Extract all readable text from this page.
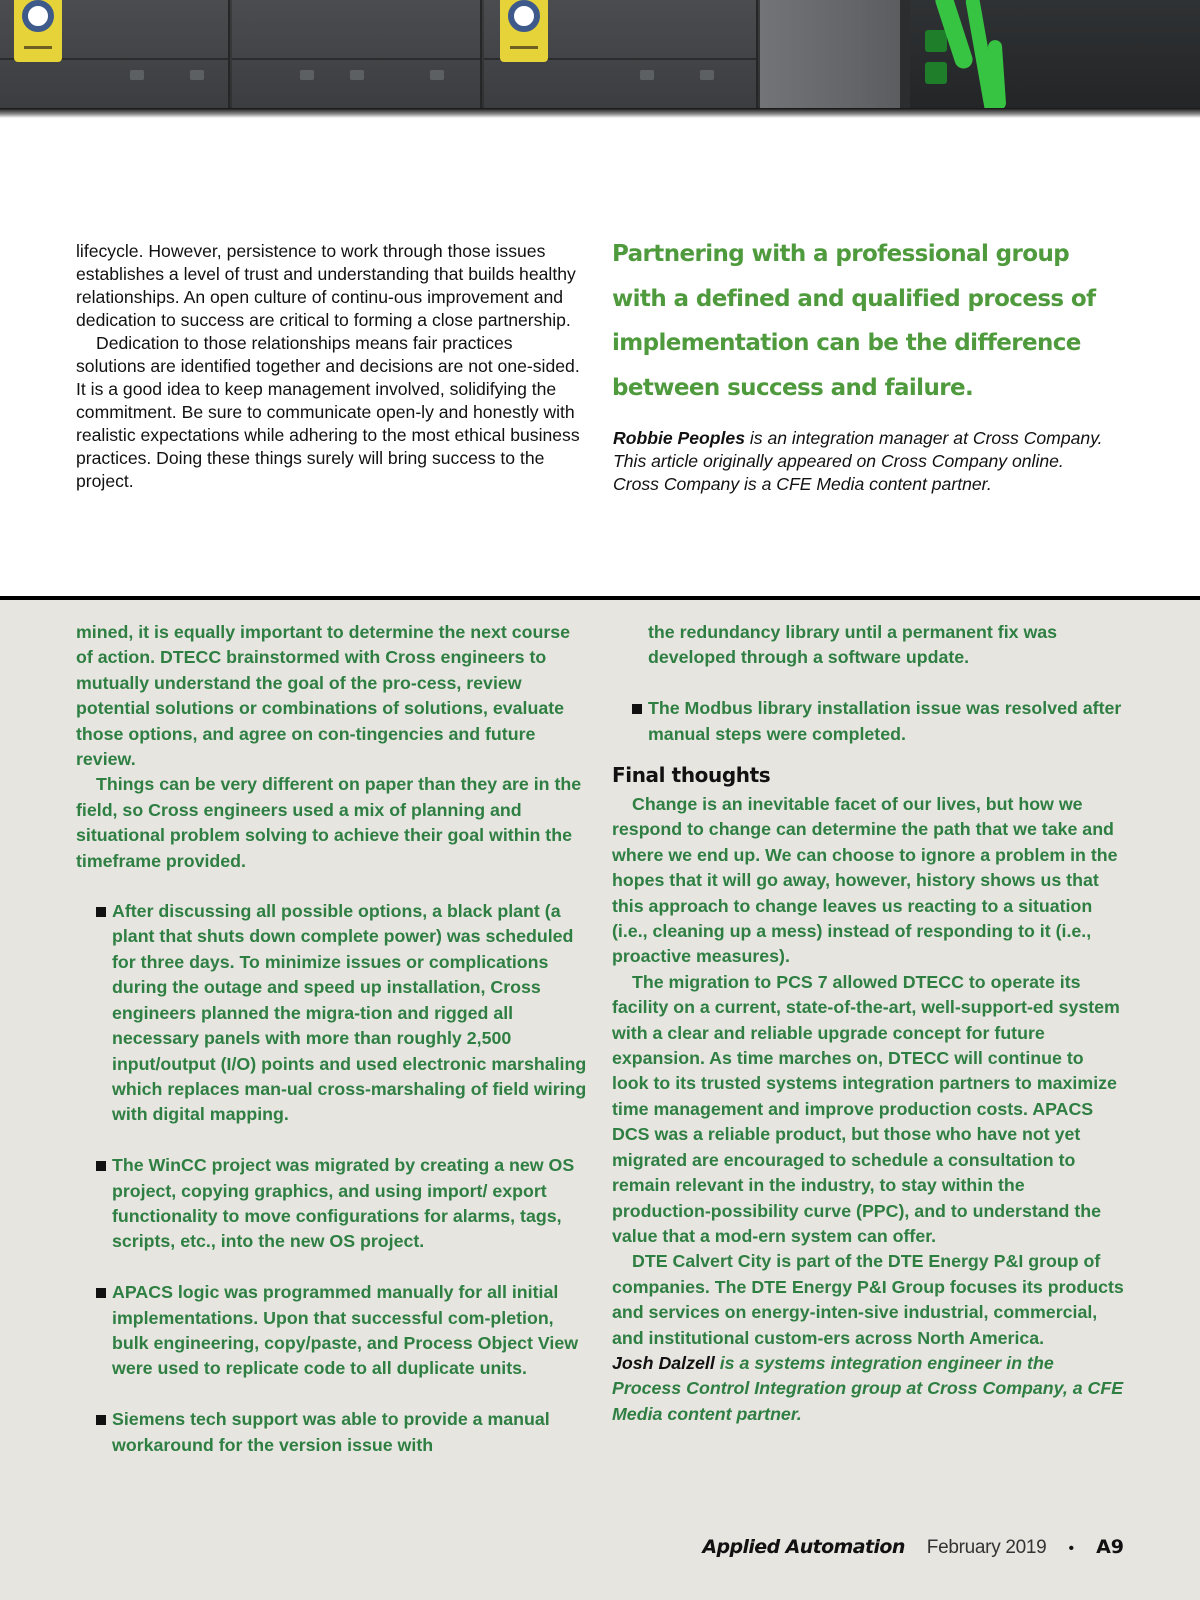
lifecycle. However, persistence to work through those issues establishes a level of trust and understanding that builds healthy relationships. An open culture of continu-ous improvement and dedication to success are critical to forming a close partnership.

Dedication to those relationships means fair practices solutions are identified together and decisions are not one-sided. It is a good idea to keep management involved, solidifying the commitment. Be sure to communicate open-ly and honestly with realistic expectations while adhering to the most ethical business practices. Doing these things surely will bring success to the project.

Partnering with a professional group with a defined and qualified process of implementation can be the difference between success and failure.
Robbie Peoples is an integration manager at Cross Company. This article originally appeared on Cross Company online. Cross Company is a CFE Media content partner.

mined, it is equally important to determine the next course of action. DTECC brainstormed with Cross engineers to mutually understand the goal of the pro-cess, review potential solutions or combinations of solutions, evaluate those options, and agree on con-tingencies and future review.

Things can be very different on paper than they are in the field, so Cross engineers used a mix of planning and situational problem solving to achieve their goal within the timeframe provided.

After discussing all possible options, a black plant (a plant that shuts down complete power) was scheduled for three days. To minimize issues or complications during the outage and speed up installation, Cross engineers planned the migra-tion and rigged all necessary panels with more than roughly 2,500 input/output (I/O) points and used electronic marshaling which replaces man-ual cross-marshaling of field wiring with digital mapping.
The WinCC project was migrated by creating a new OS project, copying graphics, and using import/ export functionality to move configurations for alarms, tags, scripts, etc., into the new OS project.
APACS logic was programmed manually for all initial implementations. Upon that successful com-pletion, bulk engineering, copy/paste, and Process Object View were used to replicate code to all duplicate units.
Siemens tech support was able to provide a manual workaround for the version issue with
the redundancy library until a permanent fix was developed through a software update.
The Modbus library installation issue was resolved after manual steps were completed.
Final thoughts

Change is an inevitable facet of our lives, but how we respond to change can determine the path that we take and where we end up. We can choose to ignore a problem in the hopes that it will go away, however, history shows us that this approach to change leaves us reacting to a situation (i.e., cleaning up a mess) instead of responding to it (i.e., proactive measures).

The migration to PCS 7 allowed DTECC to operate its facility on a current, state-of-the-art, well-support-ed system with a clear and reliable upgrade concept for future expansion. As time marches on, DTECC will continue to look to its trusted systems integration partners to maximize time management and improve production costs. APACS DCS was a reliable product, but those who have not yet migrated are encouraged to schedule a consultation to remain relevant in the industry, to stay within the production-possibility curve (PPC), and to understand the value that a mod-ern system can offer.

DTE Calvert City is part of the DTE Energy P&I group of companies. The DTE Energy P&I Group focuses its products and services on energy-inten-sive industrial, commercial, and institutional custom-ers across North America.

Josh Dalzell is a systems integration engineer in the Process Control Integration group at Cross Company, a CFE Media content partner.

Applied Automation February 2019 • A9
